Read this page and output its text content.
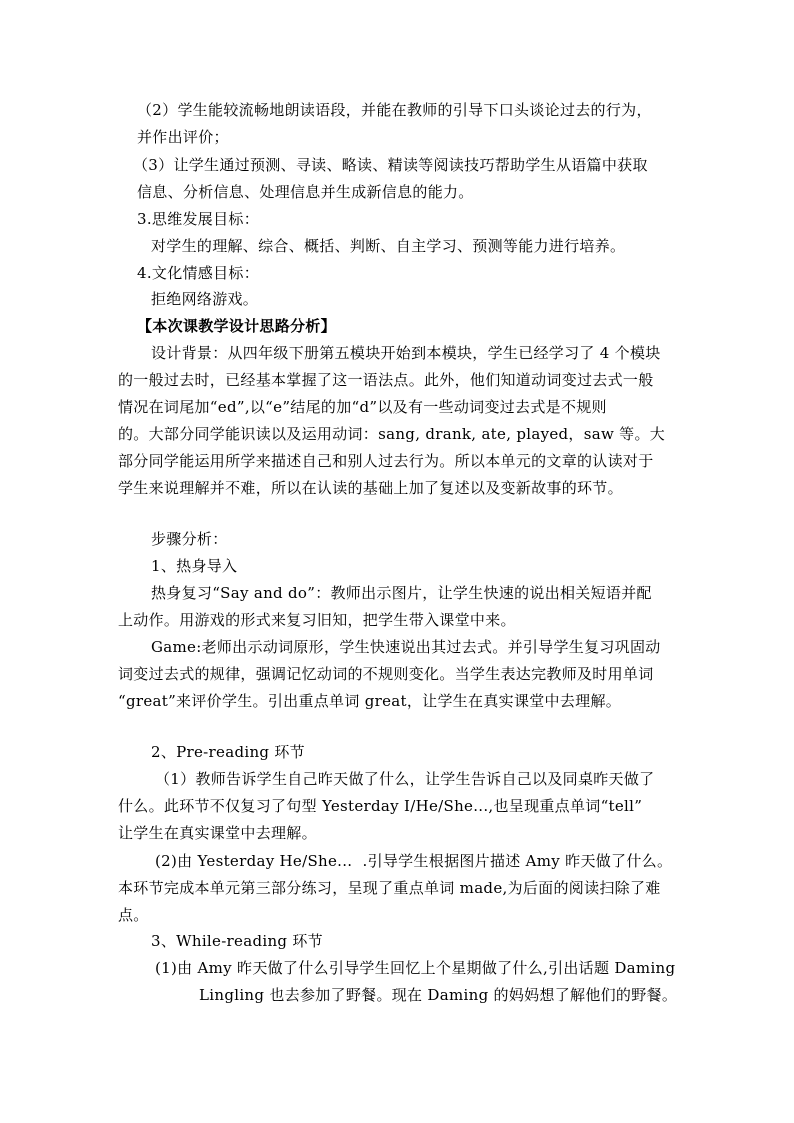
（2）学生能较流畅地朗读语段，并能在教师的引导下口头谈论过去的行为，
并作出评价；
（3）让学生通过预测、寻读、略读、精读等阅读技巧帮助学生从语篇中获取
信息、分析信息、处理信息并生成新信息的能力。
3.思维发展目标：
对学生的理解、综合、概括、判断、自主学习、预测等能力进行培养。
4.文化情感目标：
拒绝网络游戏。
【本次课教学设计思路分析】
设计背景：从四年级下册第五模块开始到本模块，学生已经学习了 4 个模块
的一般过去时，已经基本掌握了这一语法点。此外，他们知道动词变过去式一般
情况在词尾加“ed”,以“e”结尾的加“d”以及有一些动词变过去式是不规则
的。大部分同学能识读以及运用动词：sang, drank, ate, played，saw 等。大
部分同学能运用所学来描述自己和别人过去行为。所以本单元的文章的认读对于
学生来说理解并不难，所以在认读的基础上加了复述以及变新故事的环节。
步骤分析：
1、热身导入
热身复习“Say and do”：教师出示图片，让学生快速的说出相关短语并配
上动作。用游戏的形式来复习旧知，把学生带入课堂中来。
Game:老师出示动词原形，学生快速说出其过去式。并引导学生复习巩固动
词变过去式的规律，强调记忆动词的不规则变化。当学生表达完教师及时用单词
“great”来评价学生。引出重点单词 great，让学生在真实课堂中去理解。
2、Pre-reading 环节
（1）教师告诉学生自己昨天做了什么，让学生告诉自己以及同桌昨天做了
什么。此环节不仅复习了句型 Yesterday I/He/She...,也呈现重点单词“tell”
让学生在真实课堂中去理解。
(2)由 Yesterday He/She...  .引导学生根据图片描述 Amy 昨天做了什么。
本环节完成本单元第三部分练习，呈现了重点单词 made,为后面的阅读扫除了难
点。
3、While-reading 环节
(1)由 Amy 昨天做了什么引导学生回忆上个星期做了什么,引出话题 Daming
Lingling 也去参加了野餐。现在 Daming 的妈妈想了解他们的野餐。
